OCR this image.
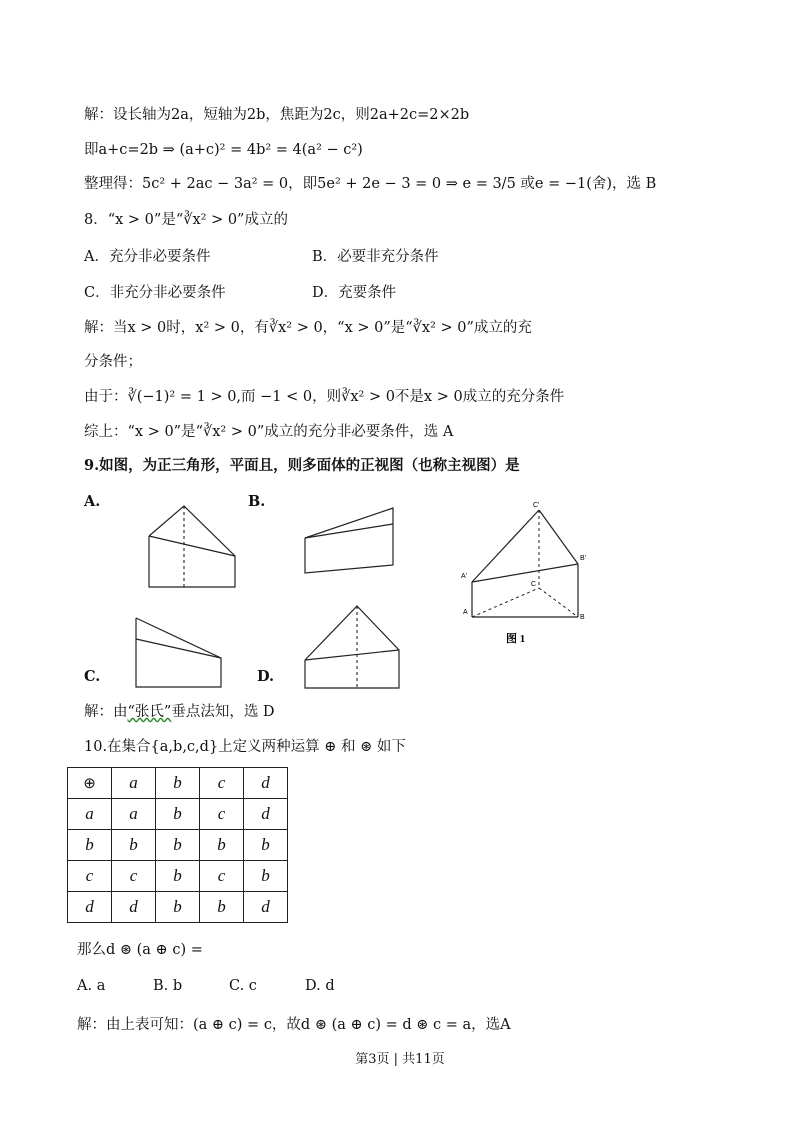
解：设长轴为2a，短轴为2b，焦距为2c，则2a+2c=2×2b
即a+c=2b ⇒ (a+c)² = 4b² = 4(a² − c²)
整理得：5c² + 2ac − 3a² = 0，即5e² + 2e − 3 = 0 ⇒ e = 3/5 或e = −1(舍)，选 B
8．“x > 0”是“∛x² > 0”成立的
A．充分非必要条件	B．必要非充分条件
C．非充分非必要条件	D．充要条件
解：当x > 0时，x² > 0，有∛x² > 0，“x > 0”是“∛x² > 0”成立的充
分条件；
由于：∛(−1)² = 1 > 0,而 −1 < 0，则∛x² > 0不是x > 0成立的充分条件
综上：“x > 0”是“∛x² > 0”成立的充分非必要条件，选 A
9.如图，为正三角形，平面且，则多面体的正视图（也称主视图）是
A.	B.
C.	D.
C'
B'
A'
C
A
B
图 1
解：由“张氏”垂点法知，选 D
10.在集合{a,b,c,d}上定义两种运算 ⊕ 和 ⊛ 如下
⊕	a	b	c	d
a	a	b	c	d
b	b	b	b	b
c	c	b	c	b
d	d	b	b	d
那么d ⊛ (a ⊕ c) =
A. a	B. b	C. c	D. d
解：由上表可知：(a ⊕ c) = c，故d ⊛ (a ⊕ c) = d ⊛ c = a，选A
第3页 | 共11页
